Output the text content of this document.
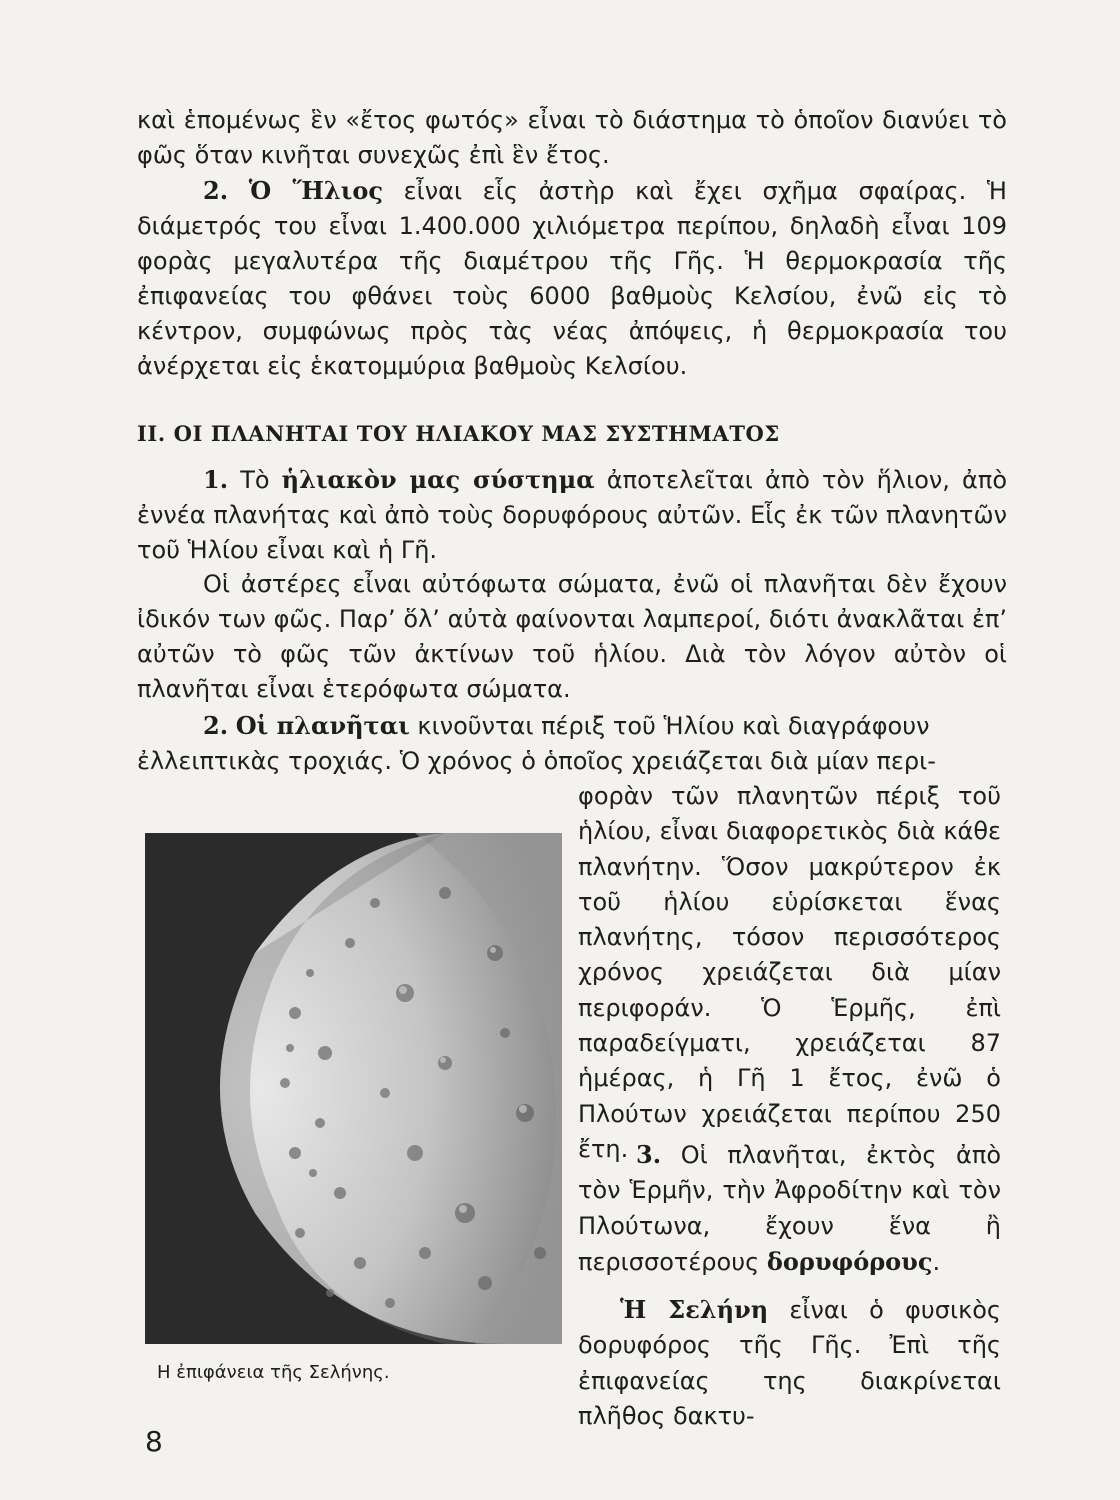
καὶ ἑπομένως ἓν «ἔτος φωτός» εἶναι τὸ διάστημα τὸ ὁποῖον διανύει τὸ φῶς ὅταν κινῆται συνεχῶς ἐπὶ ἓν ἔτος.

2. Ὁ Ἥλιος εἶναι εἷς ἀστὴρ καὶ ἔχει σχῆμα σφαίρας. Ἡ διάμετρός του εἶναι 1.400.000 χιλιόμετρα περίπου, δηλαδὴ εἶναι 109 φορὰς μεγαλυτέρα τῆς διαμέτρου τῆς Γῆς. Ἡ θερμοκρασία τῆς ἐπιφανείας του φθάνει τοὺς 6000 βαθμοὺς Κελσίου, ἐνῶ εἰς τὸ κέντρον, συμφώνως πρὸς τὰς νέας ἀπόψεις, ἡ θερμοκρασία του ἀνέρχεται εἰς ἑκατομμύρια βαθμοὺς Κελσίου.

II. ΟΙ ΠΛΑΝΗΤΑΙ ΤΟΥ ΗΛΙΑΚΟΥ ΜΑΣ ΣΥΣΤΗΜΑΤΟΣ

1. Τὸ ἡλιακὸν μας σύστημα ἀποτελεῖται ἀπὸ τὸν ἥλιον, ἀπὸ ἐννέα πλανήτας καὶ ἀπὸ τοὺς δορυφόρους αὐτῶν. Εἷς ἐκ τῶν πλανητῶν τοῦ Ἡλίου εἶναι καὶ ἡ Γῆ.

Οἱ ἀστέρες εἶναι αὐτόφωτα σώματα, ἐνῶ οἱ πλανῆται δὲν ἔχουν ἰδικόν των φῶς. Παρ’ ὅλ’ αὐτὰ φαίνονται λαμπεροί, διότι ἀνακλᾶται ἐπ’ αὐτῶν τὸ φῶς τῶν ἀκτίνων τοῦ ἡλίου. Διὰ τὸν λόγον αὐτὸν οἱ πλανῆται εἶναι ἑτερόφωτα σώματα.

2. Οἱ πλανῆται κινοῦνται πέριξ τοῦ Ἡλίου καὶ διαγράφουν

ἐλλειπτικὰς τροχιάς. Ὁ χρόνος ὁ ὁποῖος χρειάζεται διὰ μίαν περι-

Η ἐπιφάνεια τῆς Σελήνης.

φορὰν τῶν πλανητῶν πέριξ τοῦ ἡλίου, εἶναι διαφορετικὸς διὰ κάθε πλανήτην. Ὅσον μακρύτερον ἐκ τοῦ ἡλίου εὑρίσκεται ἕνας πλανήτης, τόσον περισσότερος χρόνος χρειάζεται διὰ μίαν περιφοράν. Ὁ Ἑρμῆς, ἐπὶ παραδείγματι, χρειάζεται 87 ἡμέρας, ἡ Γῆ 1 ἔτος, ἐνῶ ὁ Πλούτων χρειάζεται περίπου 250 ἔτη. 3. Οἱ πλανῆται, ἐκτὸς ἀπὸ τὸν Ἑρμῆν, τὴν Ἀφροδίτην καὶ τὸν Πλούτωνα, ἔχουν ἕνα ἢ περισσοτέρους δορυφόρους.

Ἡ Σελήνη εἶναι ὁ φυσικὸς δορυφόρος τῆς Γῆς. Ἐπὶ τῆς ἐπιφανείας της διακρίνεται πλῆθος δακτυ-

8
